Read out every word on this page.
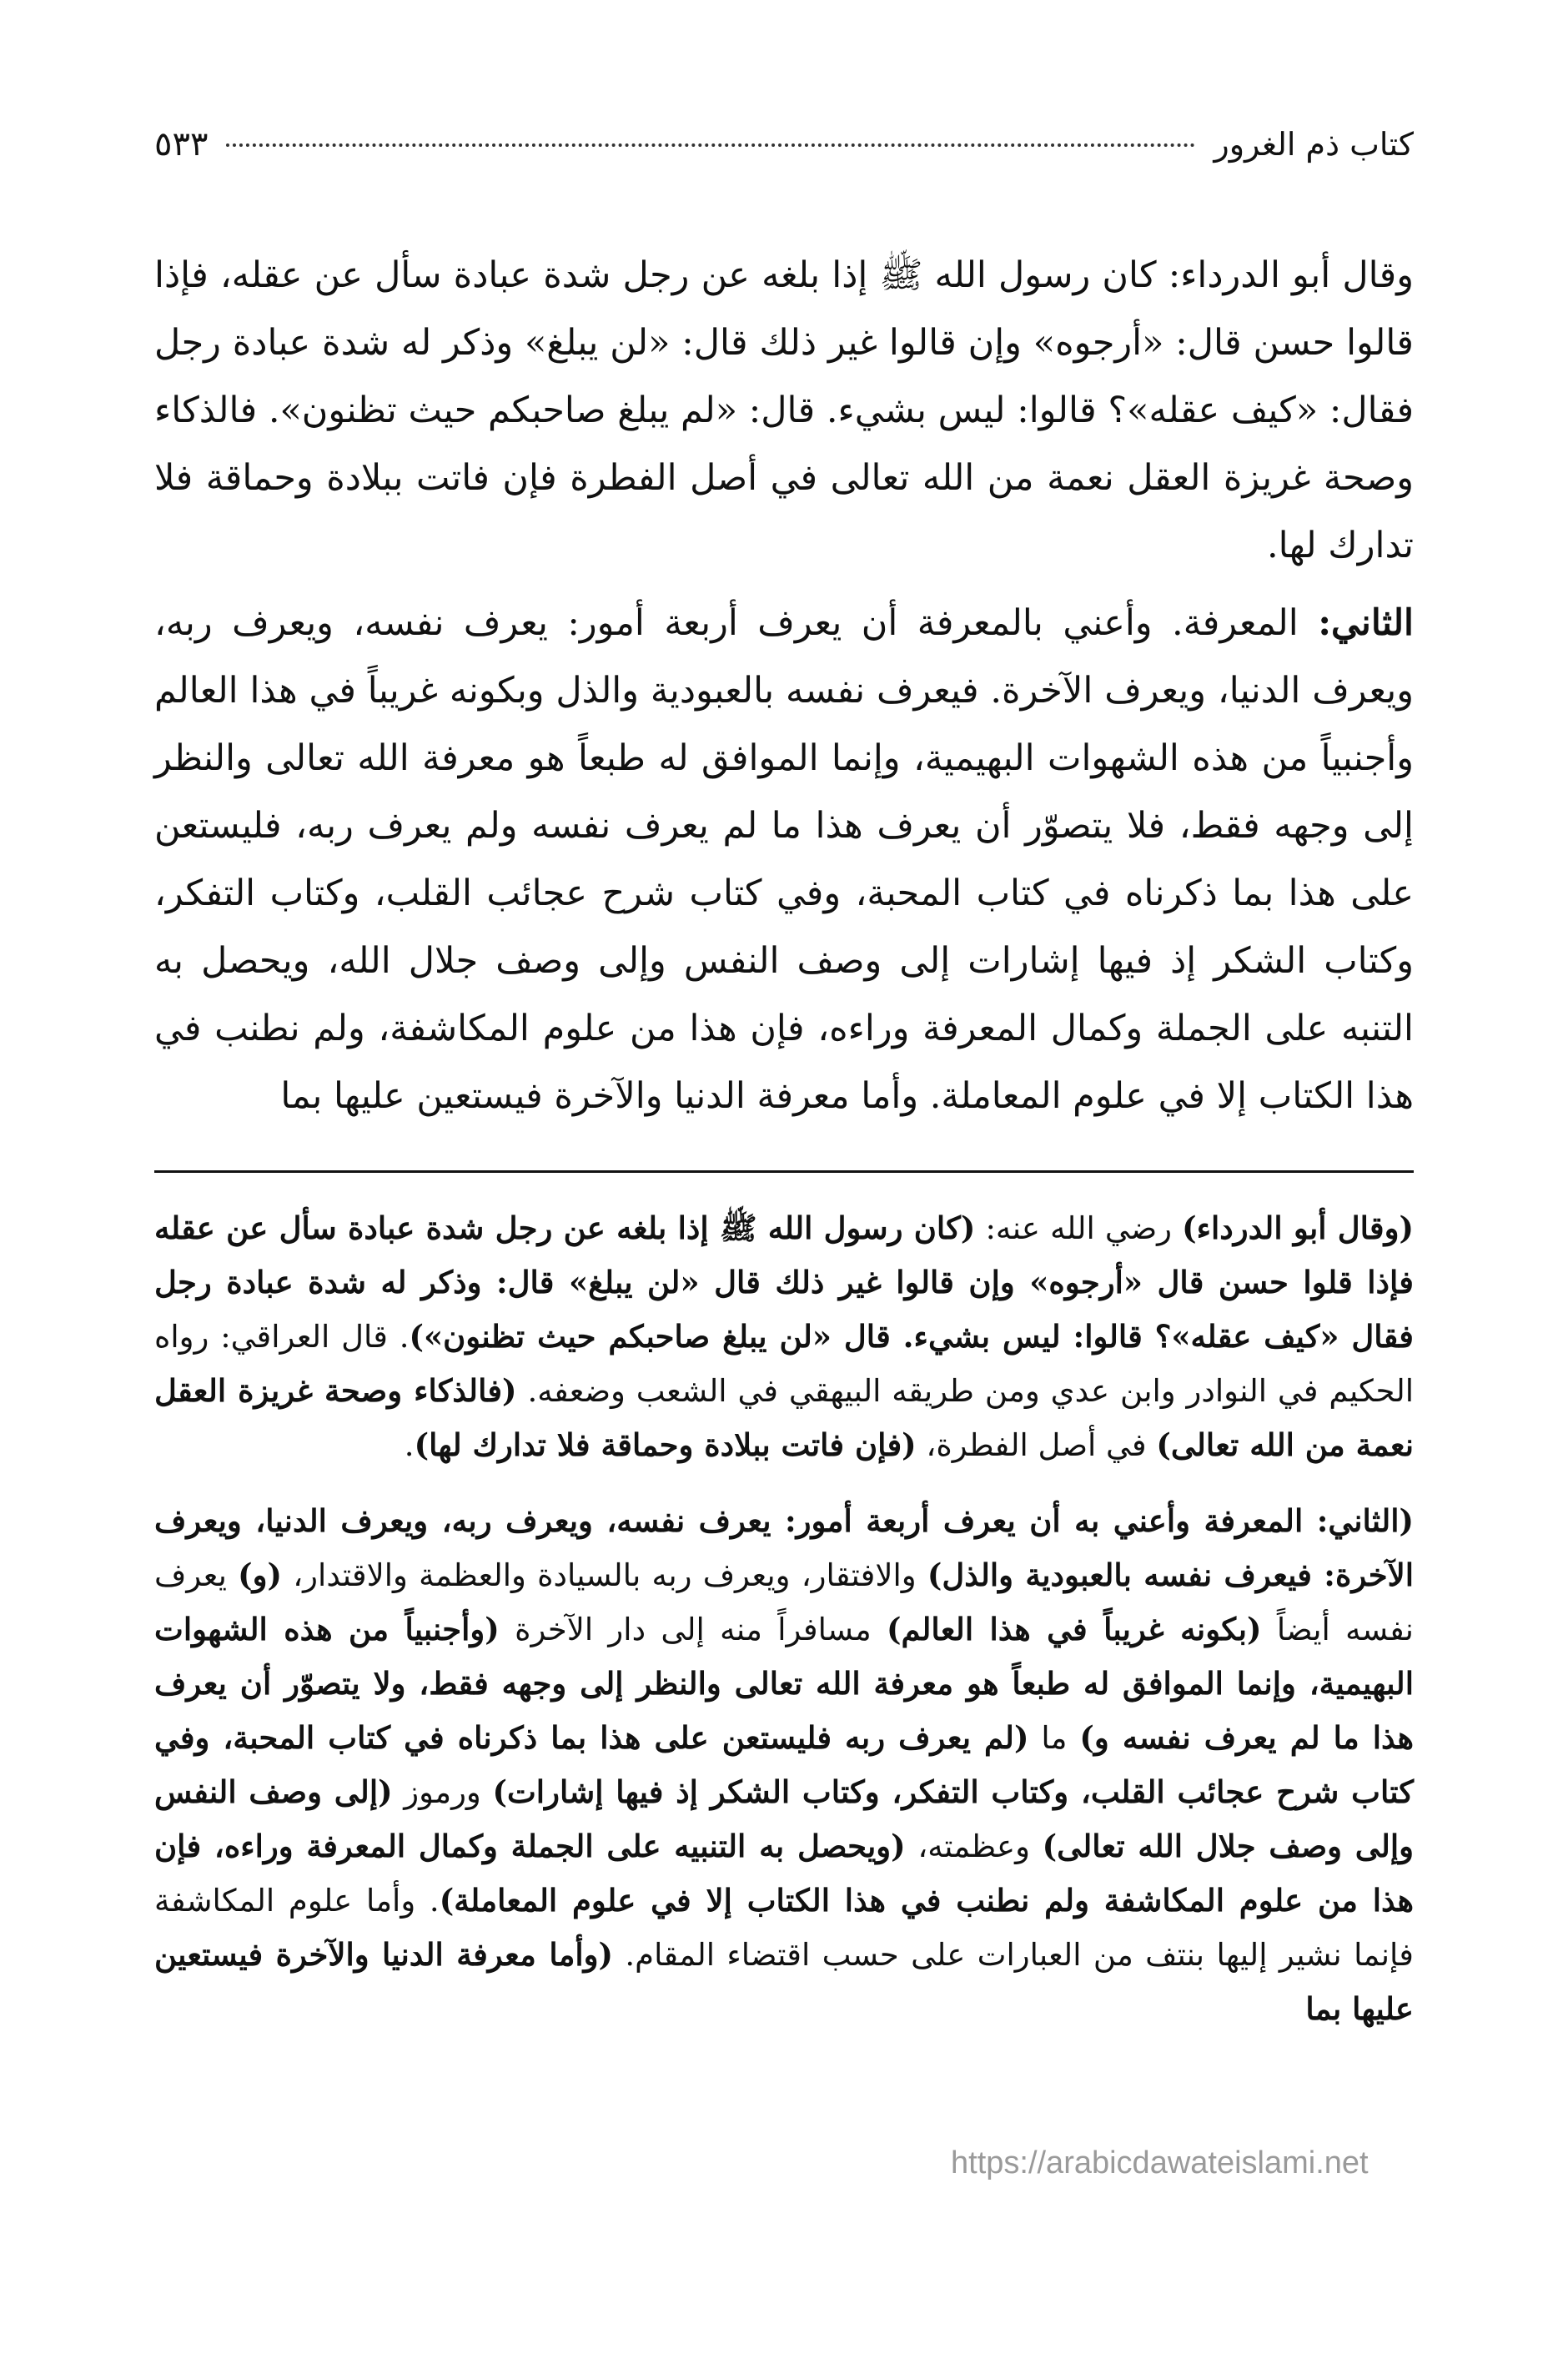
كتاب ذم الغرور
٥٣٣

وقال أبو الدرداء: كان رسول الله ﷺ إذا بلغه عن رجل شدة عبادة سأل عن عقله، فإذا قالوا حسن قال: «أرجوه» وإن قالوا غير ذلك قال: «لن يبلغ» وذكر له شدة عبادة رجل فقال: «كيف عقله»؟ قالوا: ليس بشيء. قال: «لم يبلغ صاحبكم حيث تظنون». فالذكاء وصحة غريزة العقل نعمة من الله تعالى في أصل الفطرة فإن فاتت ببلادة وحماقة فلا تدارك لها.

الثاني: المعرفة. وأعني بالمعرفة أن يعرف أربعة أمور: يعرف نفسه، ويعرف ربه، ويعرف الدنيا، ويعرف الآخرة. فيعرف نفسه بالعبودية والذل وبكونه غريباً في هذا العالم وأجنبياً من هذه الشهوات البهيمية، وإنما الموافق له طبعاً هو معرفة الله تعالى والنظر إلى وجهه فقط، فلا يتصوّر أن يعرف هذا ما لم يعرف نفسه ولم يعرف ربه، فليستعن على هذا بما ذكرناه في كتاب المحبة، وفي كتاب شرح عجائب القلب، وكتاب التفكر، وكتاب الشكر إذ فيها إشارات إلى وصف النفس وإلى وصف جلال الله، ويحصل به التنبه على الجملة وكمال المعرفة وراءه، فإن هذا من علوم المكاشفة، ولم نطنب في هذا الكتاب إلا في علوم المعاملة. وأما معرفة الدنيا والآخرة فيستعين عليها بما

(وقال أبو الدرداء) رضي الله عنه: (كان رسول الله ﷺ إذا بلغه عن رجل شدة عبادة سأل عن عقله فإذا قلوا حسن قال «أرجوه» وإن قالوا غير ذلك قال «لن يبلغ» قال: وذكر له شدة عبادة رجل فقال «كيف عقله»؟ قالوا: ليس بشيء. قال «لن يبلغ صاحبكم حيث تظنون»). قال العراقي: رواه الحكيم في النوادر وابن عدي ومن طريقه البيهقي في الشعب وضعفه. (فالذكاء وصحة غريزة العقل نعمة من الله تعالى) في أصل الفطرة، (فإن فاتت ببلادة وحماقة فلا تدارك لها).

(الثاني: المعرفة وأعني به أن يعرف أربعة أمور: يعرف نفسه، ويعرف ربه، ويعرف الدنيا، ويعرف الآخرة: فيعرف نفسه بالعبودية والذل) والافتقار، ويعرف ربه بالسيادة والعظمة والاقتدار، (و) يعرف نفسه أيضاً (بكونه غريباً في هذا العالم) مسافراً منه إلى دار الآخرة (وأجنبياً من هذه الشهوات البهيمية، وإنما الموافق له طبعاً هو معرفة الله تعالى والنظر إلى وجهه فقط، ولا يتصوّر أن يعرف هذا ما لم يعرف نفسه و) ما (لم يعرف ربه فليستعن على هذا بما ذكرناه في كتاب المحبة، وفي كتاب شرح عجائب القلب، وكتاب التفكر، وكتاب الشكر إذ فيها إشارات) ورموز (إلى وصف النفس وإلى وصف جلال الله تعالى) وعظمته، (ويحصل به التنبيه على الجملة وكمال المعرفة وراءه، فإن هذا من علوم المكاشفة ولم نطنب في هذا الكتاب إلا في علوم المعاملة). وأما علوم المكاشفة فإنما نشير إليها بنتف من العبارات على حسب اقتضاء المقام. (وأما معرفة الدنيا والآخرة فيستعين عليها بما

https://arabicdawateislami.net
